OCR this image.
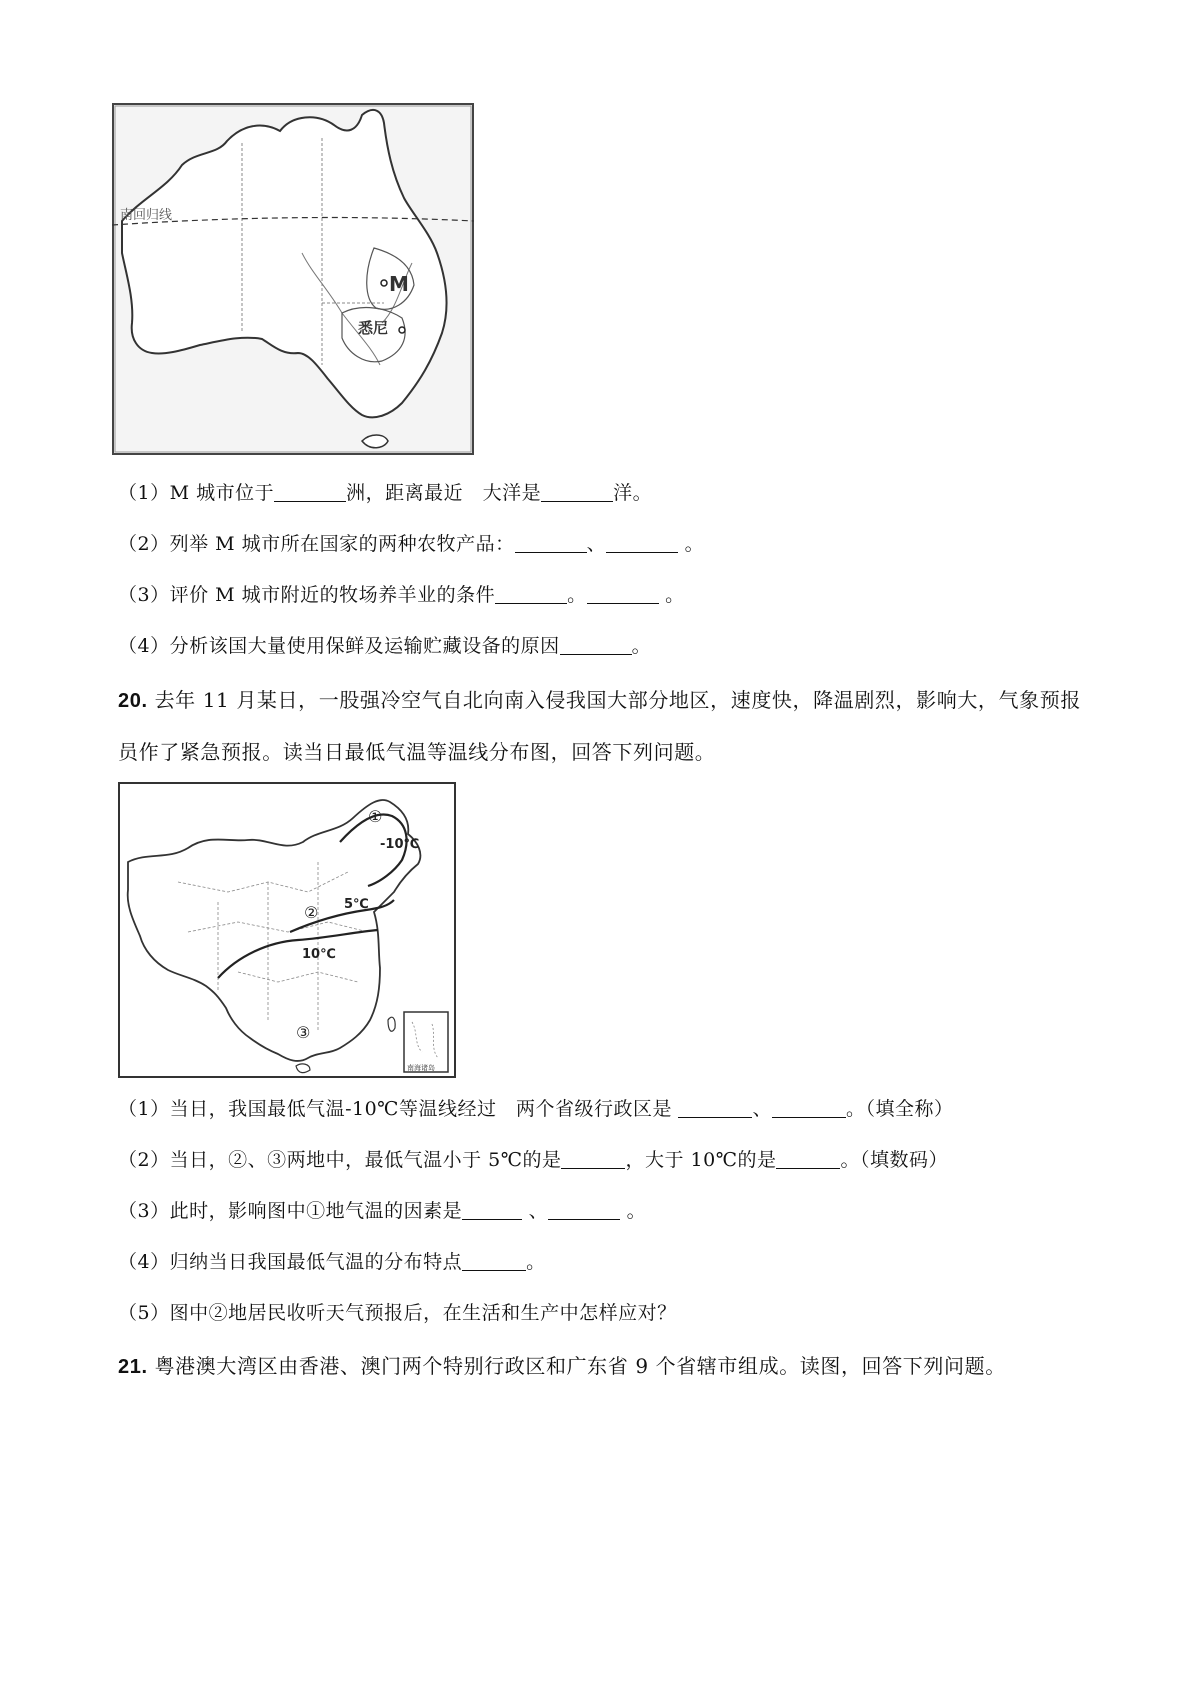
南回归线
M
悉尼
（1）M 城市位于	洲，距离最近　大洋是	洋。
（2）列举 M 城市所在国家的两种农牧产品：	、	。
（3）评价 M 城市附近的牧场养羊业的条件	。	。
（4）分析该国大量使用保鲜及运输贮藏设备的原因	。
20. 去年 11 月某日，一股强冷空气自北向南入侵我国大部分地区，速度快，降温剧烈，影响大，气象预报
员作了紧急预报。读当日最低气温等温线分布图，回答下列问题。
①
-10℃
② 5℃
10℃
③
南海诸岛
（1）当日，我国最低气温-10℃等温线经过　两个省级行政区是	、	。（填全称）
（2）当日，②、③两地中，最低气温小于 5℃的是	，大于 10℃的是	。（填数码）
（3）此时，影响图中①地气温的因素是	、	。
（4）归纳当日我国最低气温的分布特点	。
（5）图中②地居民收听天气预报后，在生活和生产中怎样应对？
21. 粤港澳大湾区由香港、澳门两个特别行政区和广东省 9 个省辖市组成。读图，回答下列问题。
